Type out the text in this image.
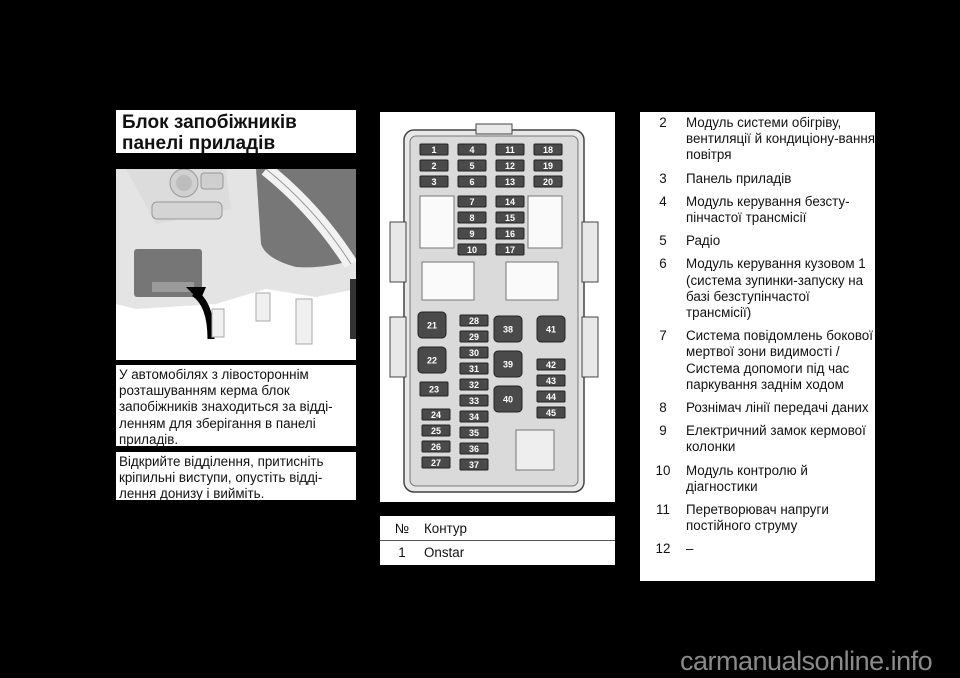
Блок запобіжників
панелі приладів
У автомобілях з лівостороннім розташуванням керма блок запобіжників знаходиться за відді-ленням для зберігання в панелі приладів.
Відкрийте відділення, притисніть кріпильні виступи, опустіть відді-лення донизу і вийміть.
1
2
3
4
5
6
11
12
13
18
19
20
7
8
9
10
14
15
16
17
21
22
23
24
25
26
27
28
29
30
31
32
33
34
35
36
37
38
39
40
41
42
43
44
45
№	Контур
1	Onstar
2	Модуль системи обігріву, вентиляції й кондиціону-вання повітря
3	Панель приладів
4	Модуль керування безсту-пінчастої трансмісії
5	Радіо
6	Модуль керування кузовом 1 (система зупинки-запуску на базі безступінчастої трансмісії)
7	Система повідомлень бокової мертвої зони видимості / Система допомоги під час паркування заднім ходом
8	Рознімач лінії передачі даних
9	Електричний замок кермової колонки
10	Модуль контролю й діагностики
11	Перетворювач напруги постійного струму
12	–
carmanualsonline.info
